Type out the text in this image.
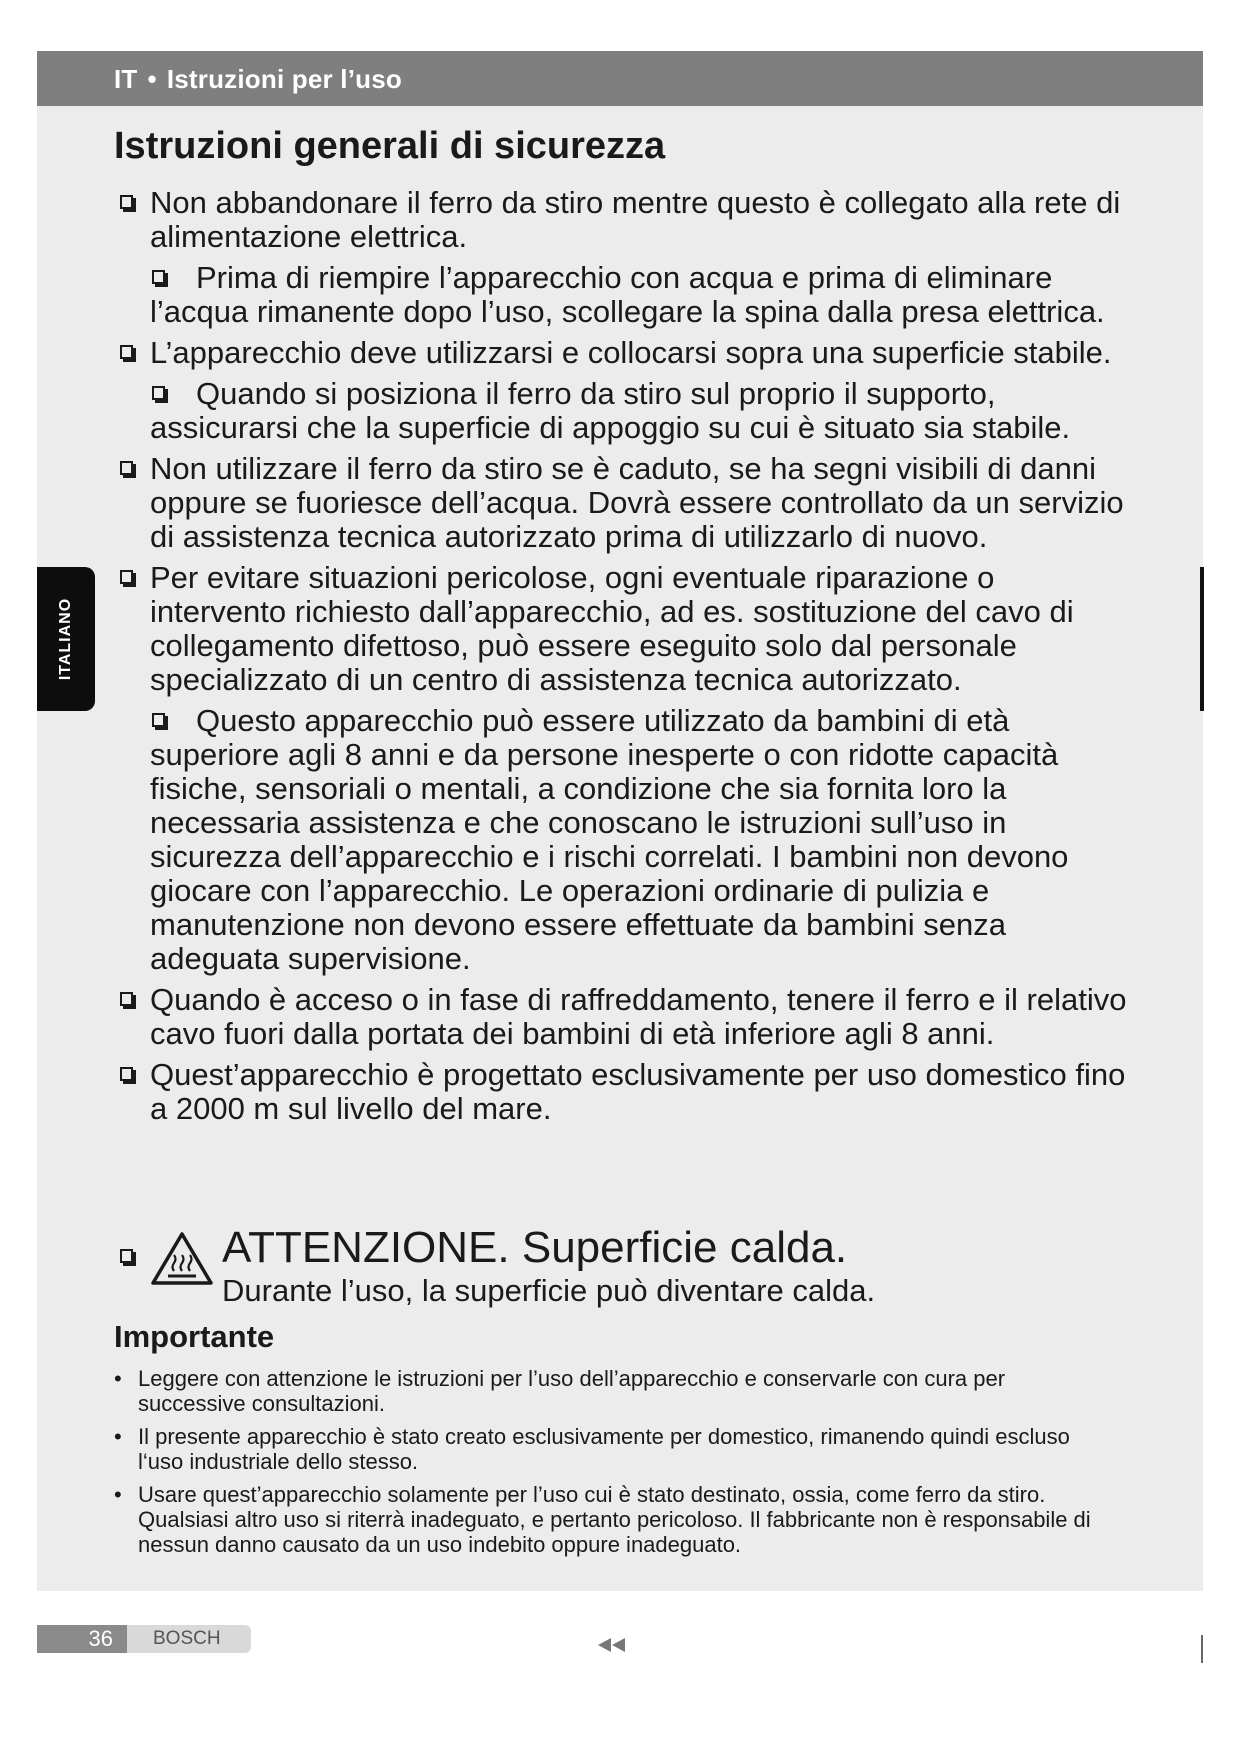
IT • Istruzioni per l’uso
ITALIANO
Istruzioni generali di sicurezza
Non abbandonare il ferro da stiro mentre questo è collegato alla rete di alimentazione elettrica.
Prima di riempire l’apparecchio con acqua e prima di eliminare l’acqua rimanente dopo l’uso, scollegare la spina dalla presa elettrica.
L’apparecchio deve utilizzarsi e collocarsi sopra una superficie stabile.
Quando si posiziona il ferro da stiro sul proprio il supporto, assicurarsi che la superficie di appoggio su cui è situato sia stabile.
Non utilizzare il ferro da stiro se è caduto, se ha segni visibili di danni oppure se fuoriesce dell’acqua. Dovrà essere controllato da un servizio di assistenza tecnica autorizzato prima di utilizzarlo di nuovo.
Per evitare situazioni pericolose, ogni eventuale riparazione o intervento richiesto dall’apparecchio, ad es. sostituzione del cavo di collegamento difettoso, può essere eseguito solo dal personale specializzato di un centro di assistenza tecnica autorizzato.
Questo apparecchio può essere utilizzato da bambini di età superiore agli 8 anni e da persone inesperte o con ridotte capacità fisiche, sensoriali o mentali, a condizione che sia fornita loro la necessaria assistenza e che conoscano le istruzioni sull’uso in sicurezza dell’apparecchio e i rischi correlati. I bambini non devono giocare con l’apparecchio. Le operazioni ordinarie di pulizia e manutenzione non devono essere effettuate da bambini senza adeguata supervisione.
Quando è acceso o in fase di raffreddamento, tenere il ferro e il relativo cavo fuori dalla portata dei bambini di età inferiore agli 8 anni.
Quest’apparecchio è progettato esclusivamente per uso domestico fino a 2000 m sul livello del mare.
ATTENZIONE. Superficie calda.
Durante l’uso, la superficie può diventare calda.
Importante
• Leggere con attenzione le istruzioni per l’uso dell’apparecchio e conservarle con cura per successive consultazioni.
• Il presente apparecchio è stato creato esclusivamente per domestico, rimanendo quindi escluso l‘uso industriale dello stesso.
• Usare quest’apparecchio solamente per l’uso cui è stato destinato, ossia, come ferro da stiro. Qualsiasi altro uso si riterrà inadeguato, e pertanto pericoloso. Il fabbricante non è responsabile di nessun danno causato da un uso indebito oppure inadeguato.
36	BOSCH
